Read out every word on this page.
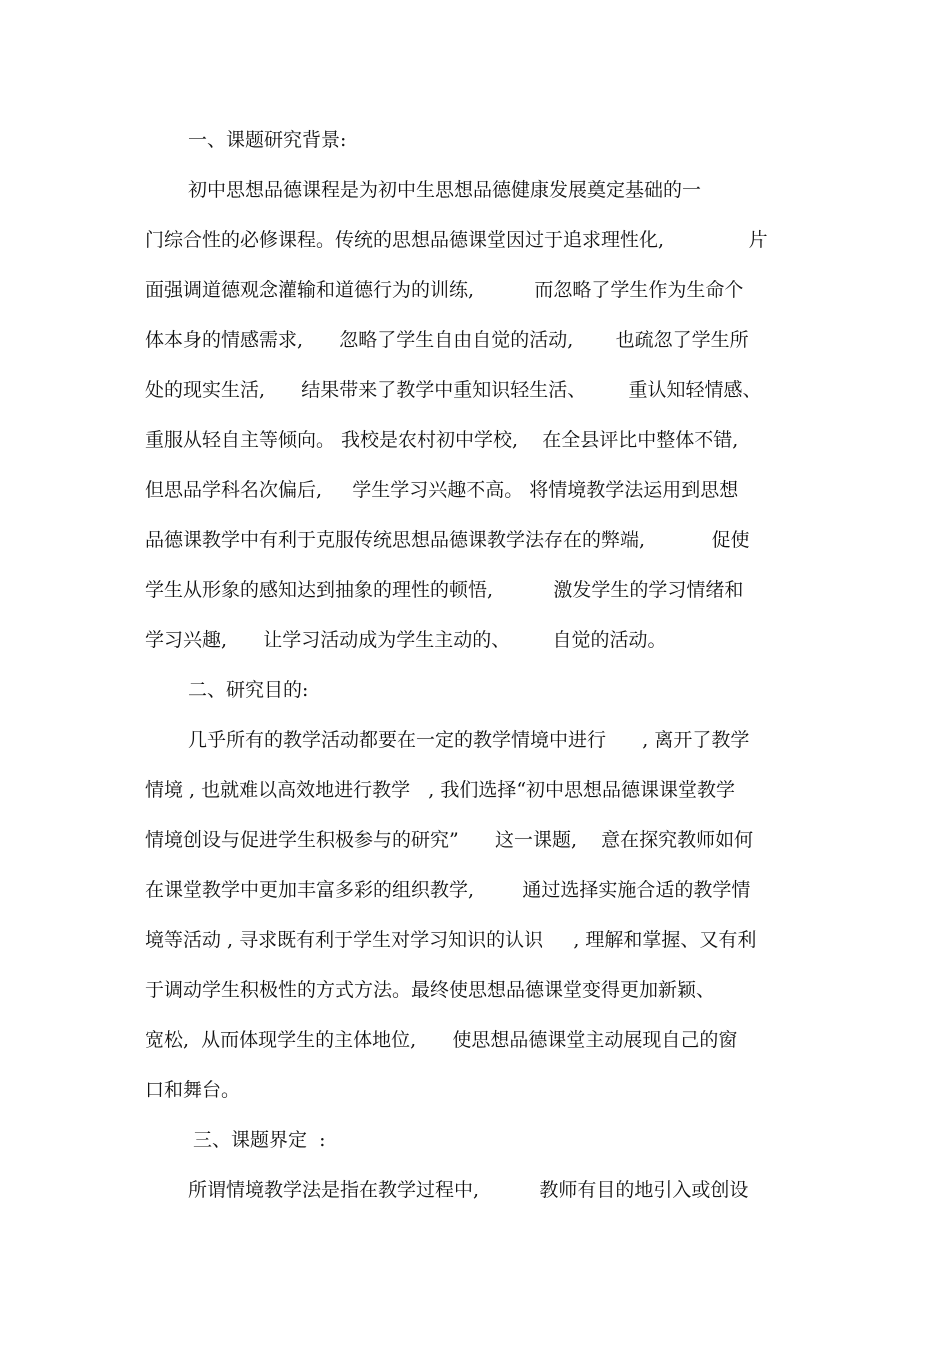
一、课题研究背景:
初中思想品德课程是为初中生思想品德健康发展奠定基础的一
门综合性的必修课程。传统的思想品德课堂因过于追求理性化,              片
面强调道德观念灌输和道德行为的训练,          而忽略了学生作为生命个
体本身的情感需求,      忽略了学生自由自觉的活动,       也疏忽了学生所
处的现实生活,      结果带来了教学中重知识轻生活、       重认知轻情感、
重服从轻自主等倾向。 我校是农村初中学校,    在全县评比中整体不错,
但思品学科名次偏后,     学生学习兴趣不高。 将情境教学法运用到思想
品德课教学中有利于克服传统思想品德课教学法存在的弊端,           促使
学生从形象的感知达到抽象的理性的顿悟,          激发学生的学习情绪和
学习兴趣,      让学习活动成为学生主动的、       自觉的活动。
二、研究目的:
几乎所有的教学活动都要在一定的教学情境中进行      , 离开了教学
情境 , 也就难以高效地进行教学   , 我们选择“初中思想品德课课堂教学
情境创设与促进学生积极参与的研究”      这一课题,    意在探究教师如何
在课堂教学中更加丰富多彩的组织教学,        通过选择实施合适的教学情
境等活动 , 寻求既有利于学生对学习知识的认识     , 理解和掌握、又有利
于调动学生积极性的方式方法。最终使思想品德课堂变得更加新颖、
宽松,  从而体现学生的主体地位,      使思想品德课堂主动展现自己的窗
口和舞台。
三、课题界定  :
所谓情境教学法是指在教学过程中,          教师有目的地引入或创设
